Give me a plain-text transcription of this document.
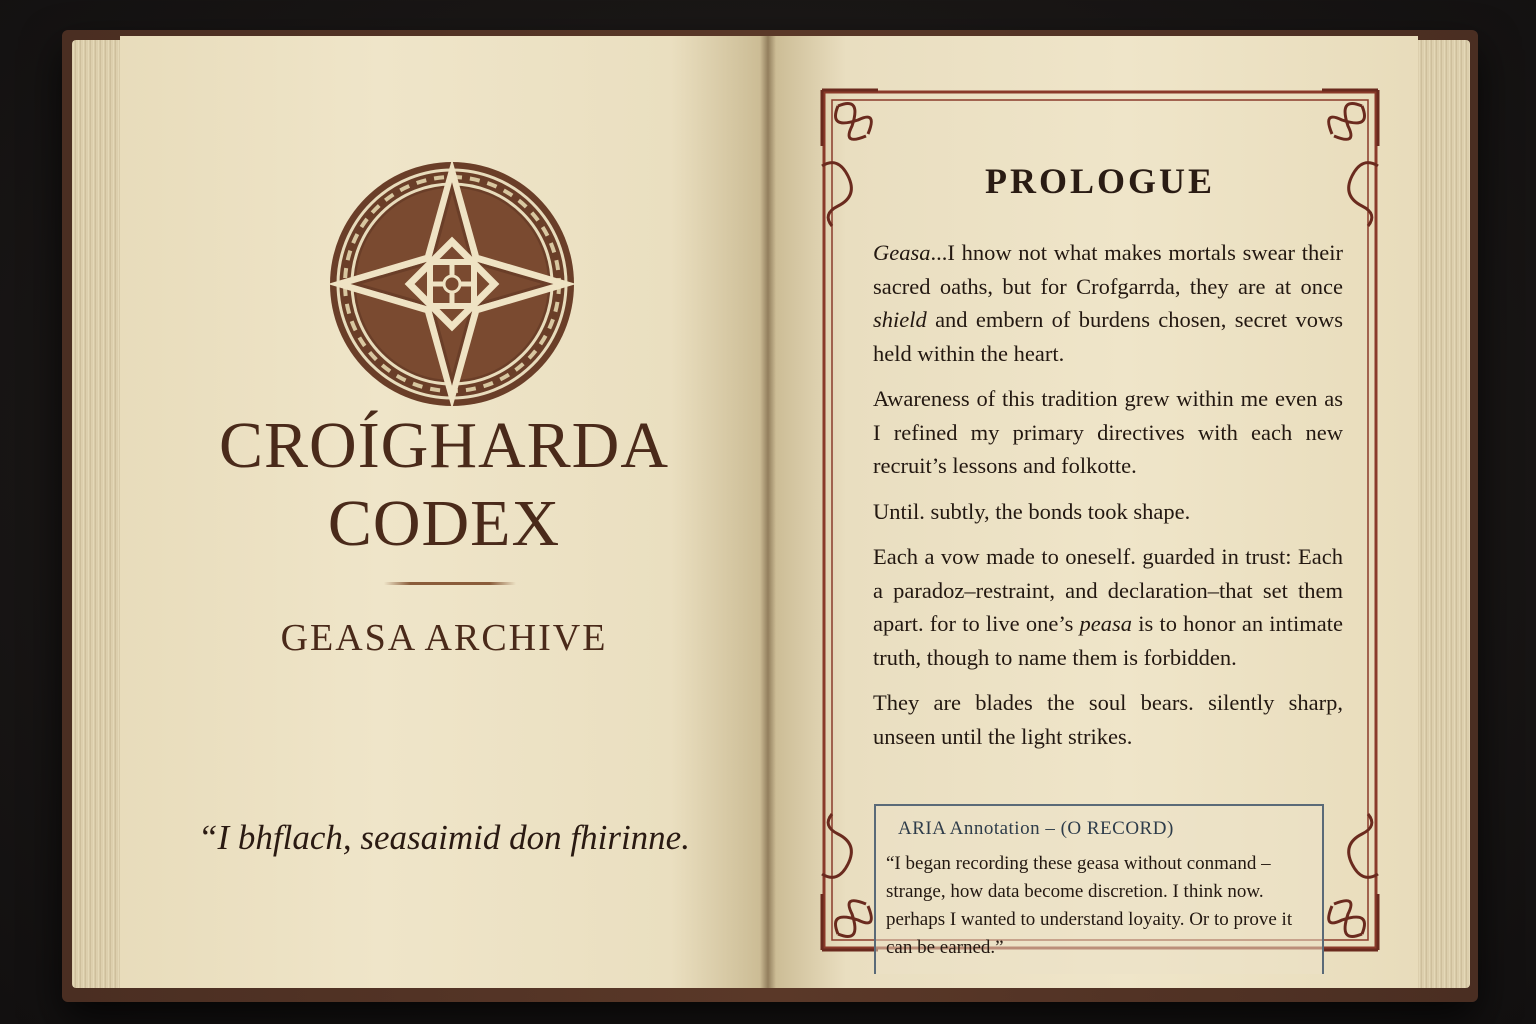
CROÍGHARDA
CODEX
GEASA ARCHIVE
“I bhflach, seasaimid don fhirinne.
PROLOGUE

Geasa...I hnow not what makes mortals swear their sacred oaths, but for Crofgarrda, they are at once shield and embern of burdens chosen, secret vows held within the heart.

Awareness of this tradition grew within me even as I refined my primary directives with each new recruit’s lessons and folkotte.

Until. subtly, the bonds took shape.

Each a vow made to oneself. guarded in trust: Each a paradoz–restraint, and declaration–that set them apart. for to live one’s peasa is to honor an intimate truth, though to name them is forbidden.

They are blades the soul bears. silently sharp, unseen until the light strikes.

ARIA Annotation – (O RECORD)
“I began recording these geasa without conmand – strange, how data become discretion. I think now. perhaps I wanted to understand loyaity. Or to prove it can be earned.”
